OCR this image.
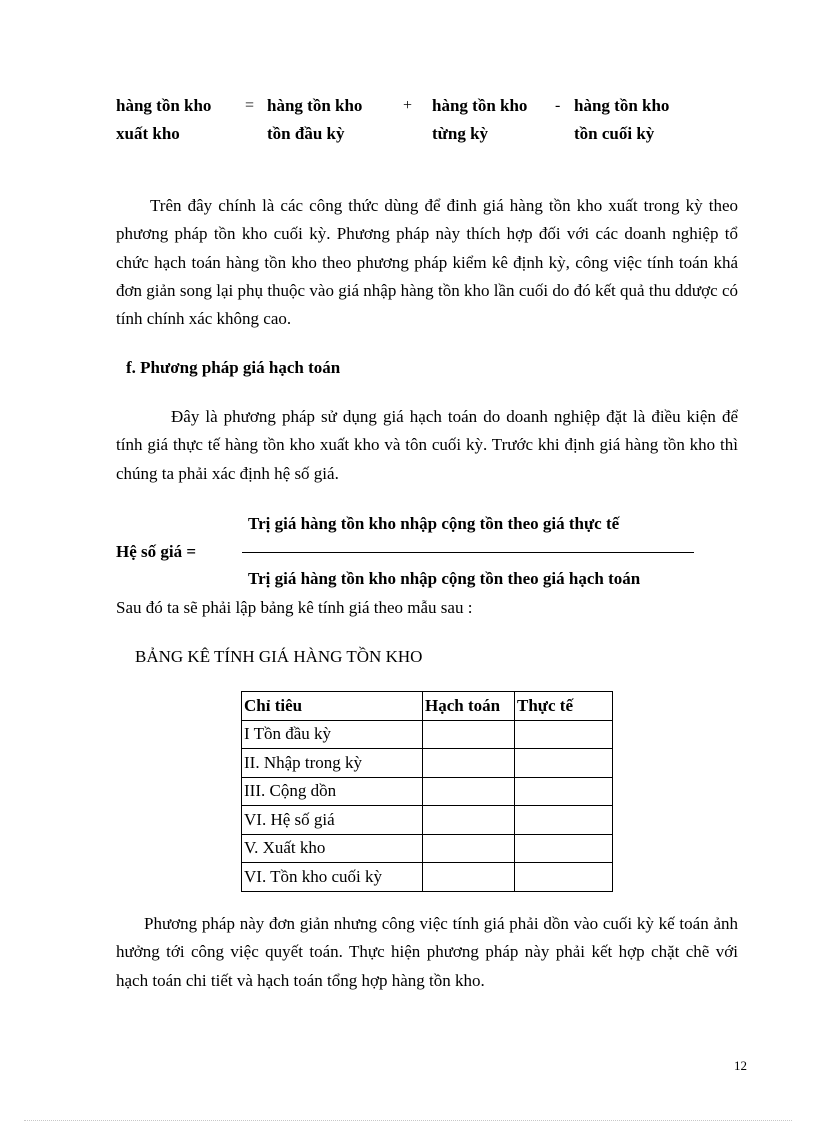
hàng tồn kho
xuất kho
= hàng tồn kho
tồn đầu kỳ
+ hàng tồn kho
từng kỳ
- hàng tồn kho
tồn cuối kỳ

Trên đây chính là các công thức dùng để đinh giá hàng tồn kho xuất trong kỳ theo phương pháp tồn kho cuối kỳ. Phương pháp này thích hợp đối với các doanh nghiệp tổ chức hạch toán hàng tồn kho theo phương pháp kiểm kê định kỳ, công việc tính toán khá đơn giản song lại phụ thuộc vào giá nhập hàng tồn kho lần cuối do đó kết quả thu ddược có tính chính xác không cao.

f. Phương pháp giá hạch toán

Đây là phương pháp sử dụng giá hạch toán do doanh nghiệp đặt là điều kiện để tính giá thực tế hàng tồn kho xuất kho và tôn cuối kỳ. Trước khi định giá hàng tồn kho thì chúng ta phải xác định hệ số giá.

Trị giá hàng tồn kho nhập cộng tồn theo giá thực tế
Hệ số giá =
Trị giá hàng tồn kho nhập cộng tồn theo giá hạch toán
Sau đó ta sẽ phải lập bảng kê tính giá theo mẫu sau :
BẢNG KÊ TÍNH GIÁ HÀNG TỒN KHO
Chỉ tiêu	Hạch toán	Thực tế
I Tồn đầu kỳ		
II. Nhập trong kỳ		
III. Cộng dồn		
VI. Hệ số giá		
V. Xuất kho		
VI. Tồn kho cuối kỳ		

Phương pháp này đơn giản nhưng công việc tính giá phải dồn vào cuối kỳ kế toán ảnh hưởng tới công việc quyết toán. Thực hiện phương pháp này phải kết hợp chặt chẽ với hạch toán chi tiết và hạch toán tổng hợp hàng tồn kho.

12
